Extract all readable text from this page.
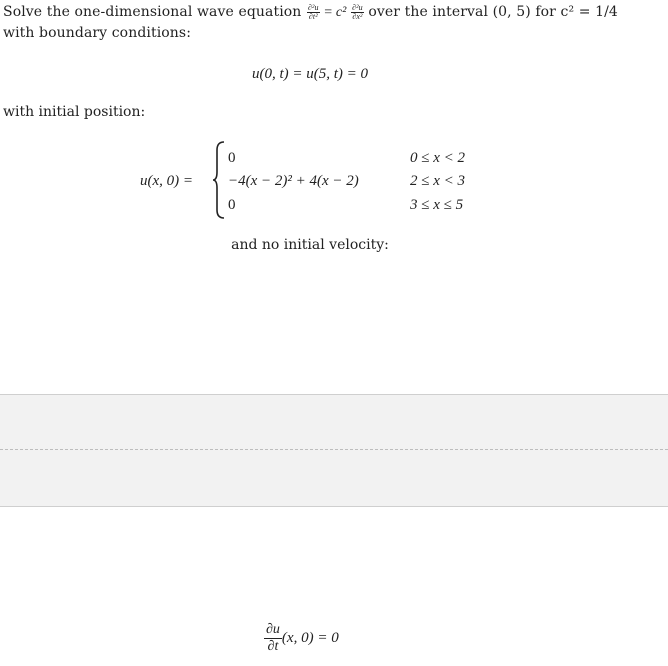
Solve the one-dimensional wave equation $\frac{\text{∂²u}}{\text{∂t²}} = c^2 \frac{\text{∂²u}}{\text{∂x²}}$ over the interval (0, 5) for c² = 1/4
with boundary conditions:
u(0, t) = u(5, t) = 0
with initial position:
u(x, 0) =
0	0 ≤ x < 2
−4(x − 2)² + 4(x − 2)	2 ≤ x < 3
0	3 ≤ x ≤ 5
and no initial velocity:
$\frac{\partial u}{\partial t} (x$, 0) = 0
